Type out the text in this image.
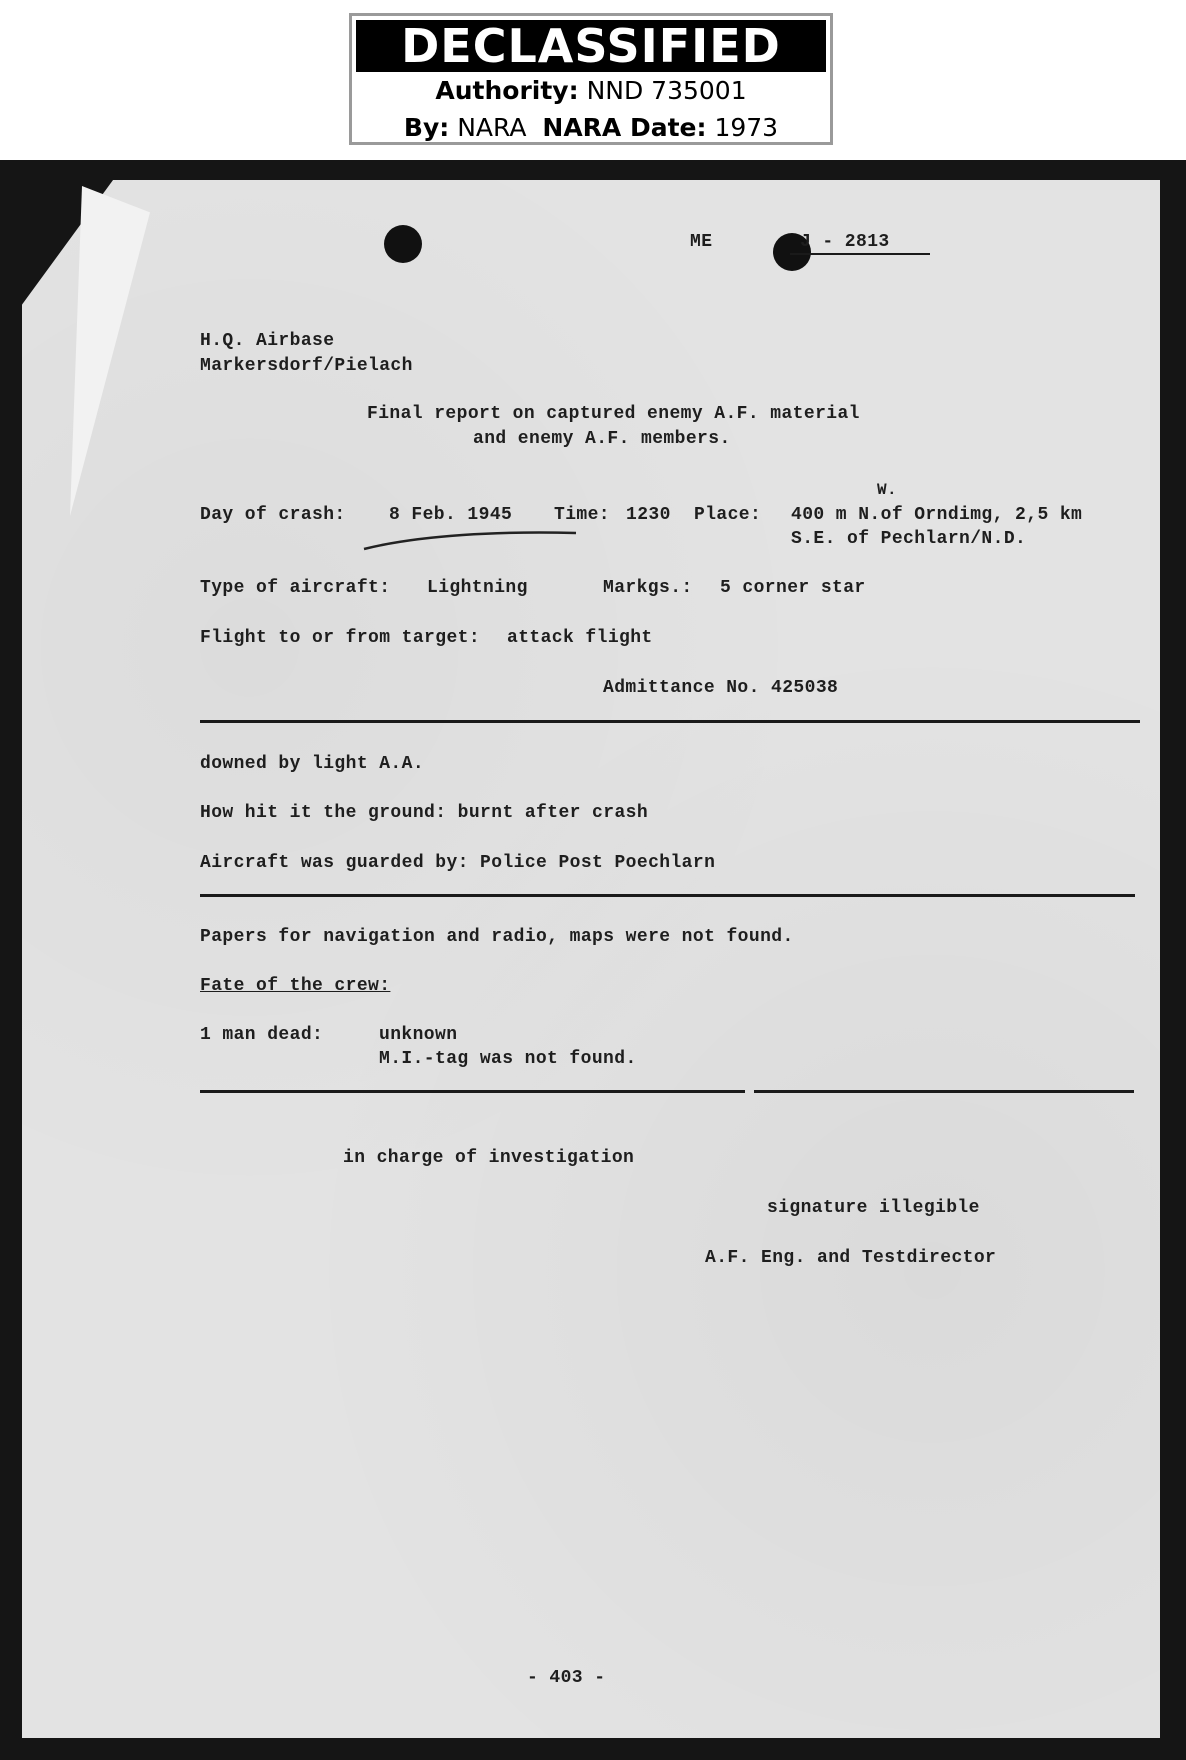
DECLASSIFIED
Authority: NND 735001
By: NARA NARA Date: 1973
ME	J - 2813
H.Q. Airbase
Markersdorf/Pielach
Final report on captured enemy A.F. material
and enemy A.F. members.
W.
Day of crash: 8 Feb. 1945 Time: 1230 Place: 400 m N.of Orndimg, 2,5 km
S.E. of Pechlarn/N.D.
Type of aircraft: Lightning	Markgs.: 5 corner star
Flight to or from target: attack flight
Admittance No. 425038
downed by light A.A.
How hit it the ground: burnt after crash
Aircraft was guarded by: Police Post Poechlarn
Papers for navigation and radio, maps were not found.
Fate of the crew:
1 man dead:	unknown
M.I.-tag was not found.
in charge of investigation
signature illegible
A.F. Eng. and Testdirector
- 403 -
